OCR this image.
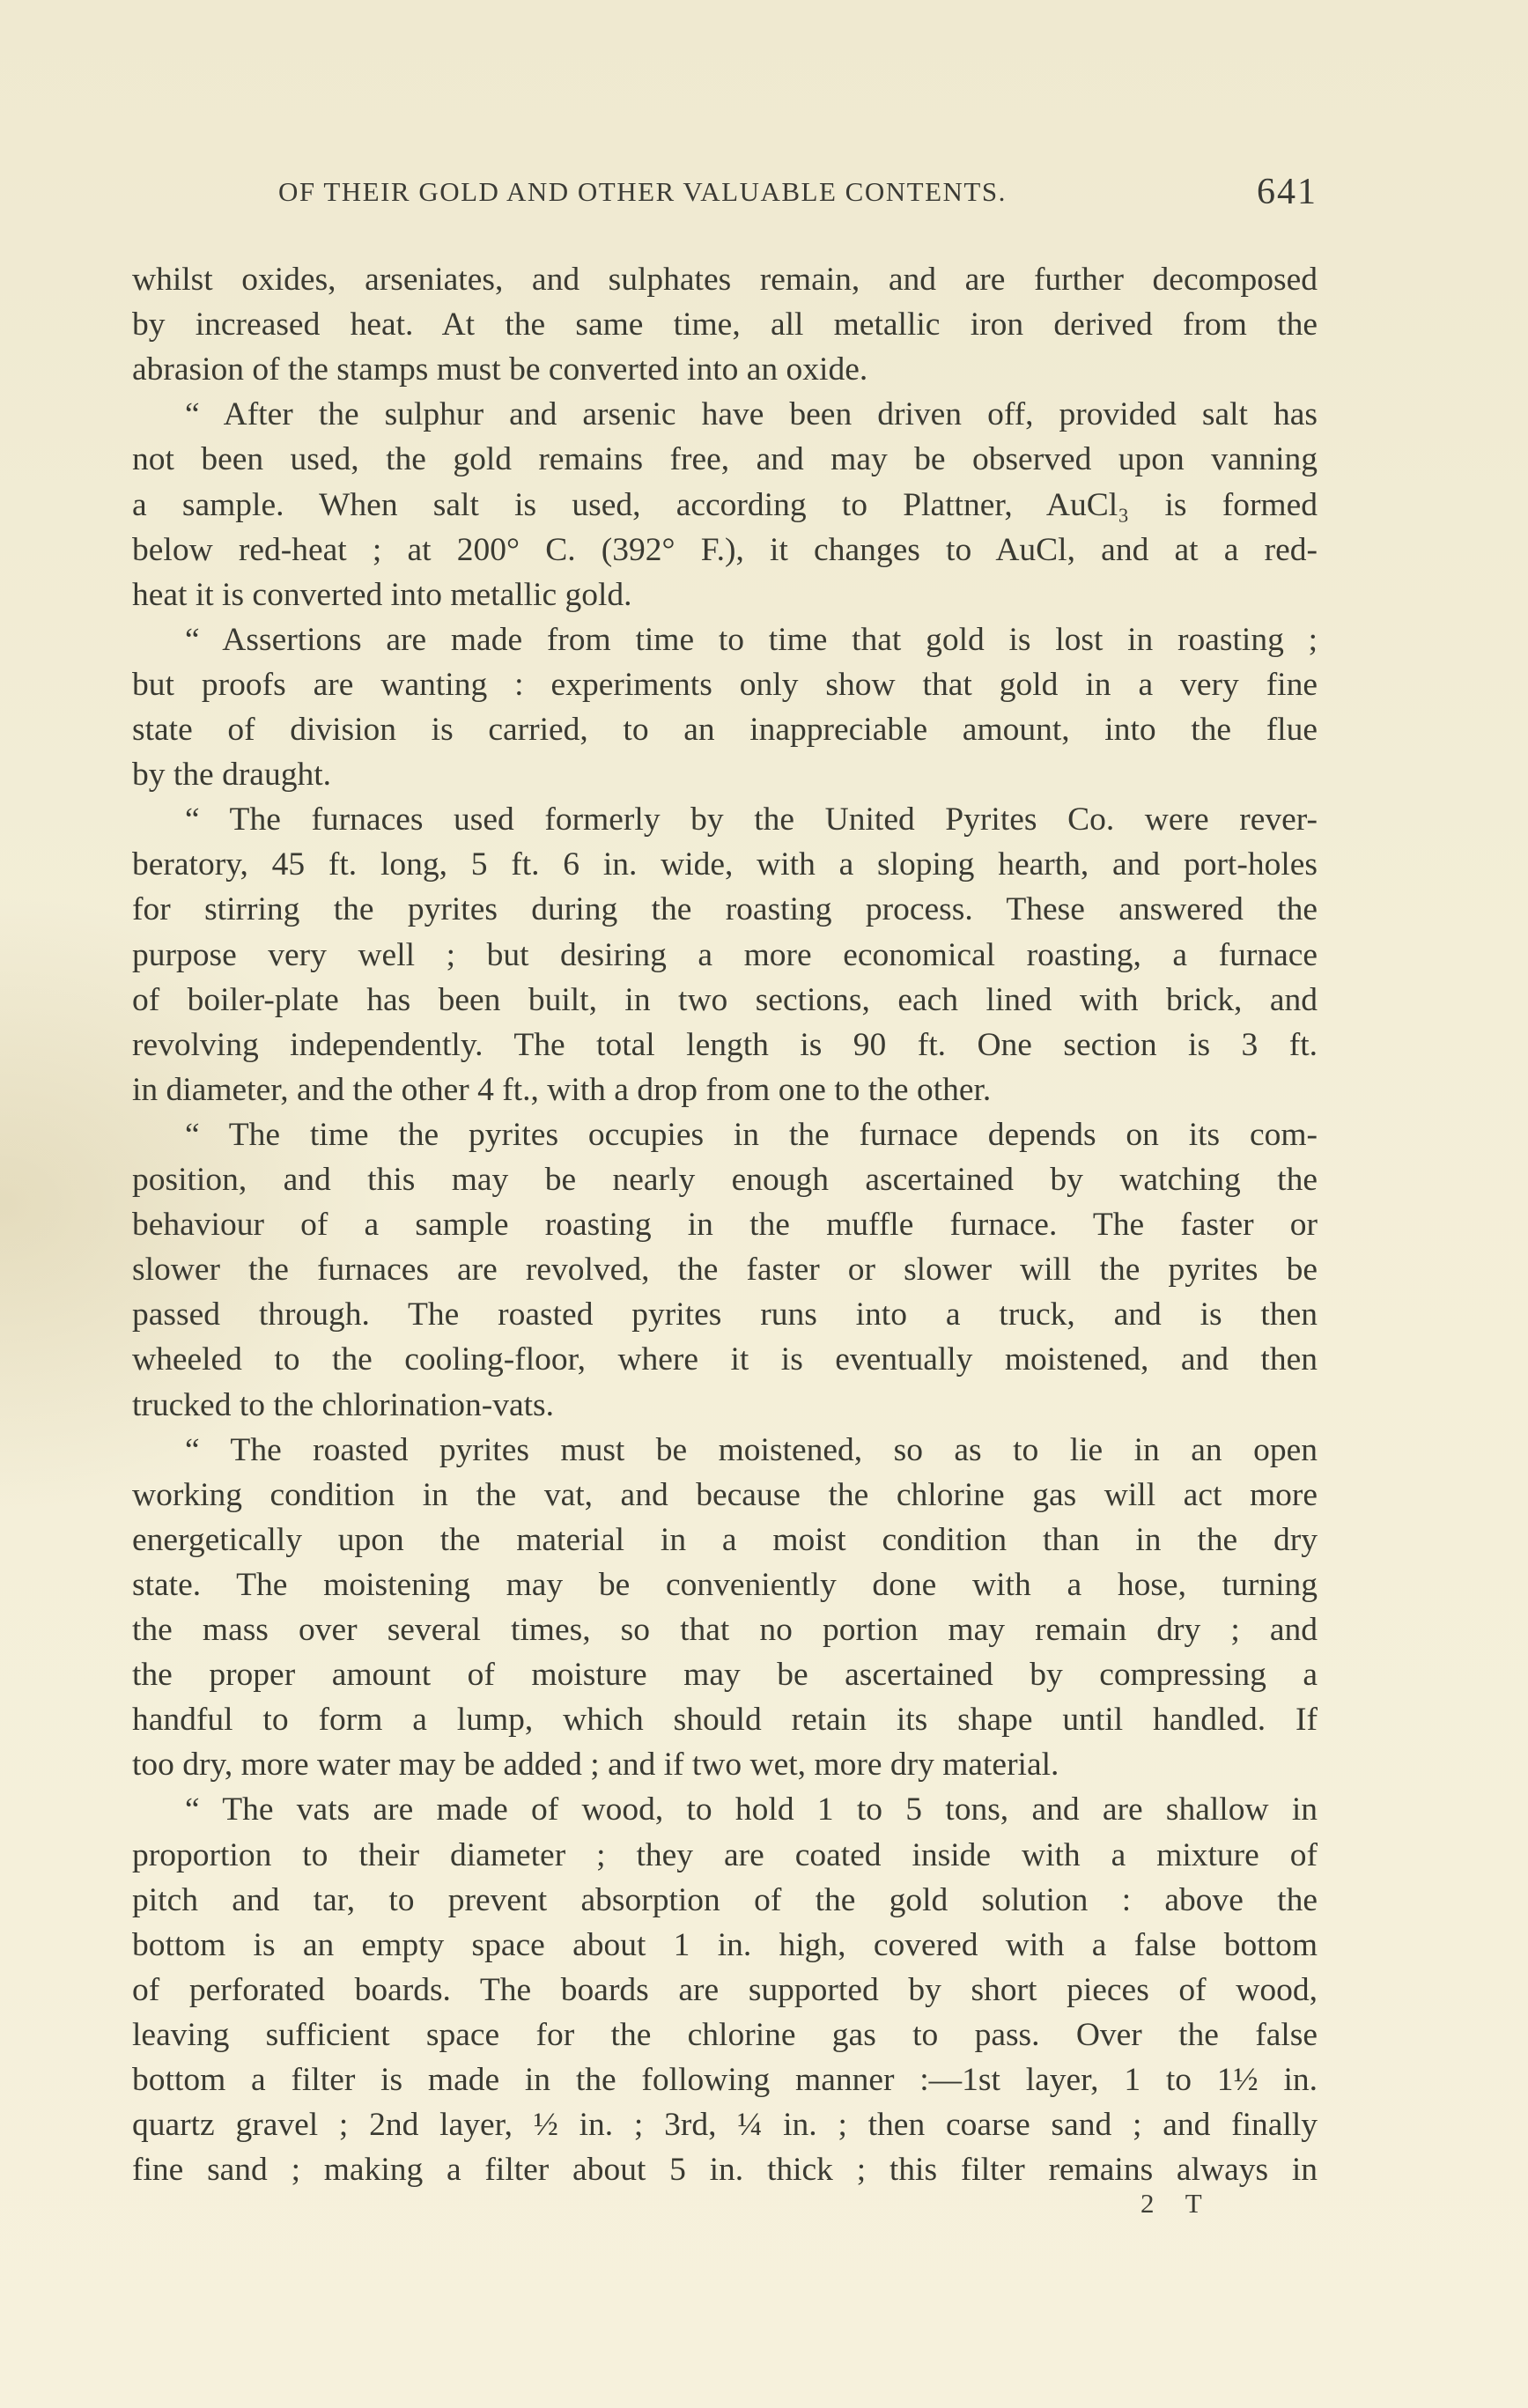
OF THEIR GOLD AND OTHER VALUABLE CONTENTS.	641
whilst oxides, arseniates, and sulphates remain, and are further decomposed
by increased heat. At the same time, all metallic iron derived from the
abrasion of the stamps must be converted into an oxide.
“ After the sulphur and arsenic have been driven off, provided salt has
not been used, the gold remains free, and may be observed upon vanning
a sample. When salt is used, according to Plattner, AuCl₃ is formed
below red-heat ; at 200° C. (392° F.), it changes to AuCl, and at a red-
heat it is converted into metallic gold.
“ Assertions are made from time to time that gold is lost in roasting ;
but proofs are wanting : experiments only show that gold in a very fine
state of division is carried, to an inappreciable amount, into the flue
by the draught.
“ The furnaces used formerly by the United Pyrites Co. were rever-
beratory, 45 ft. long, 5 ft. 6 in. wide, with a sloping hearth, and port-holes
for stirring the pyrites during the roasting process. These answered the
purpose very well ; but desiring a more economical roasting, a furnace
of boiler-plate has been built, in two sections, each lined with brick, and
revolving independently. The total length is 90 ft. One section is 3 ft.
in diameter, and the other 4 ft., with a drop from one to the other.
“ The time the pyrites occupies in the furnace depends on its com-
position, and this may be nearly enough ascertained by watching the
behaviour of a sample roasting in the muffle furnace. The faster or
slower the furnaces are revolved, the faster or slower will the pyrites be
passed through. The roasted pyrites runs into a truck, and is then
wheeled to the cooling-floor, where it is eventually moistened, and then
trucked to the chlorination-vats.
“ The roasted pyrites must be moistened, so as to lie in an open
working condition in the vat, and because the chlorine gas will act more
energetically upon the material in a moist condition than in the dry
state. The moistening may be conveniently done with a hose, turning
the mass over several times, so that no portion may remain dry ; and
the proper amount of moisture may be ascertained by compressing a
handful to form a lump, which should retain its shape until handled. If
too dry, more water may be added ; and if two wet, more dry material.
“ The vats are made of wood, to hold 1 to 5 tons, and are shallow in
proportion to their diameter ; they are coated inside with a mixture of
pitch and tar, to prevent absorption of the gold solution : above the
bottom is an empty space about 1 in. high, covered with a false bottom
of perforated boards. The boards are supported by short pieces of wood,
leaving sufficient space for the chlorine gas to pass. Over the false
bottom a filter is made in the following manner :—1st layer, 1 to 1½ in.
quartz gravel ; 2nd layer, ½ in. ; 3rd, ¼ in. ; then coarse sand ; and finally
fine sand ; making a filter about 5 in. thick ; this filter remains always in
2 T
